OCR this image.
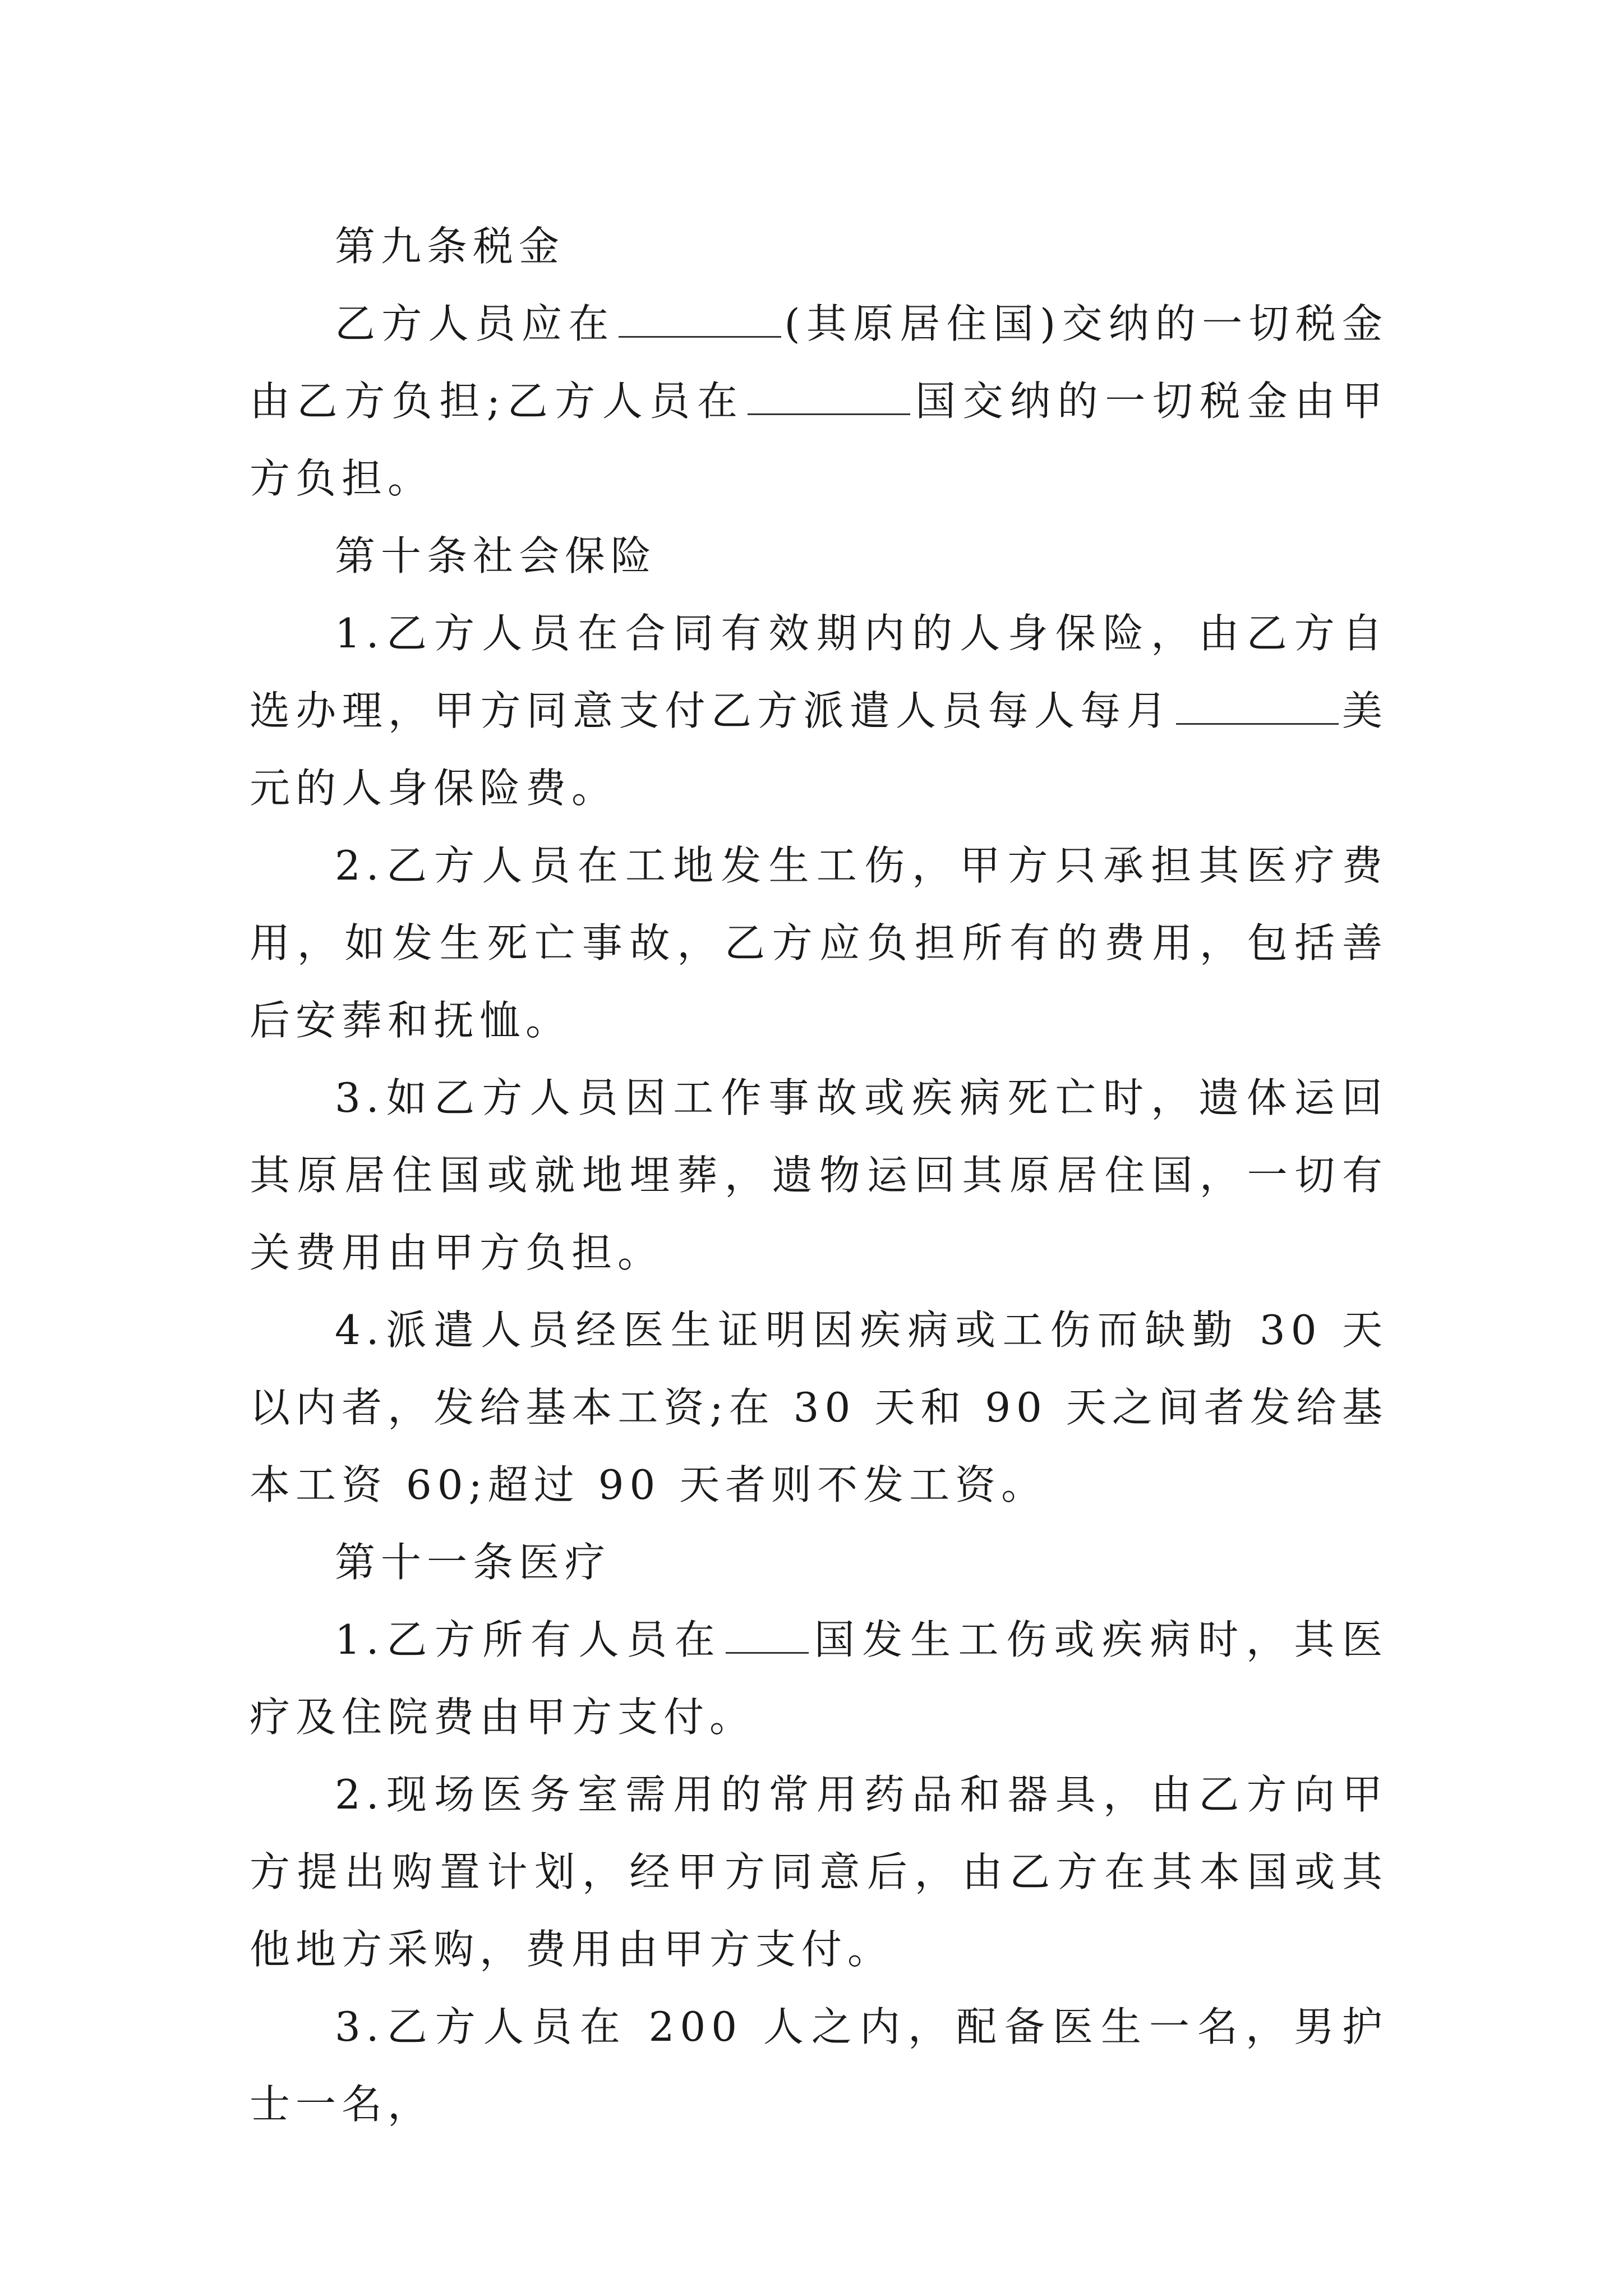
第九条税金

乙方人员应在	(其原居住国)交纳的一切税金由乙方负担;乙方人员在	国交纳的一切税金由甲方负担。

第十条社会保险

1.乙方人员在合同有效期内的人身保险，由乙方自选办理，甲方同意支付乙方派遣人员每人每月	美元的人身保险费。

2.乙方人员在工地发生工伤，甲方只承担其医疗费用，如发生死亡事故，乙方应负担所有的费用，包括善后安葬和抚恤。

3.如乙方人员因工作事故或疾病死亡时，遗体运回其原居住国或就地埋葬，遗物运回其原居住国，一切有关费用由甲方负担。

4.派遣人员经医生证明因疾病或工伤而缺勤 30 天以内者，发给基本工资;在 30 天和 90 天之间者发给基本工资 60;超过 90 天者则不发工资。

第十一条医疗

1.乙方所有人员在 国发生工伤或疾病时，其医疗及住院费由甲方支付。

2.现场医务室需用的常用药品和器具，由乙方向甲方提出购置计划，经甲方同意后，由乙方在其本国或其他地方采购，费用由甲方支付。

3.乙方人员在 200 人之内，配备医生一名，男护士一名，
